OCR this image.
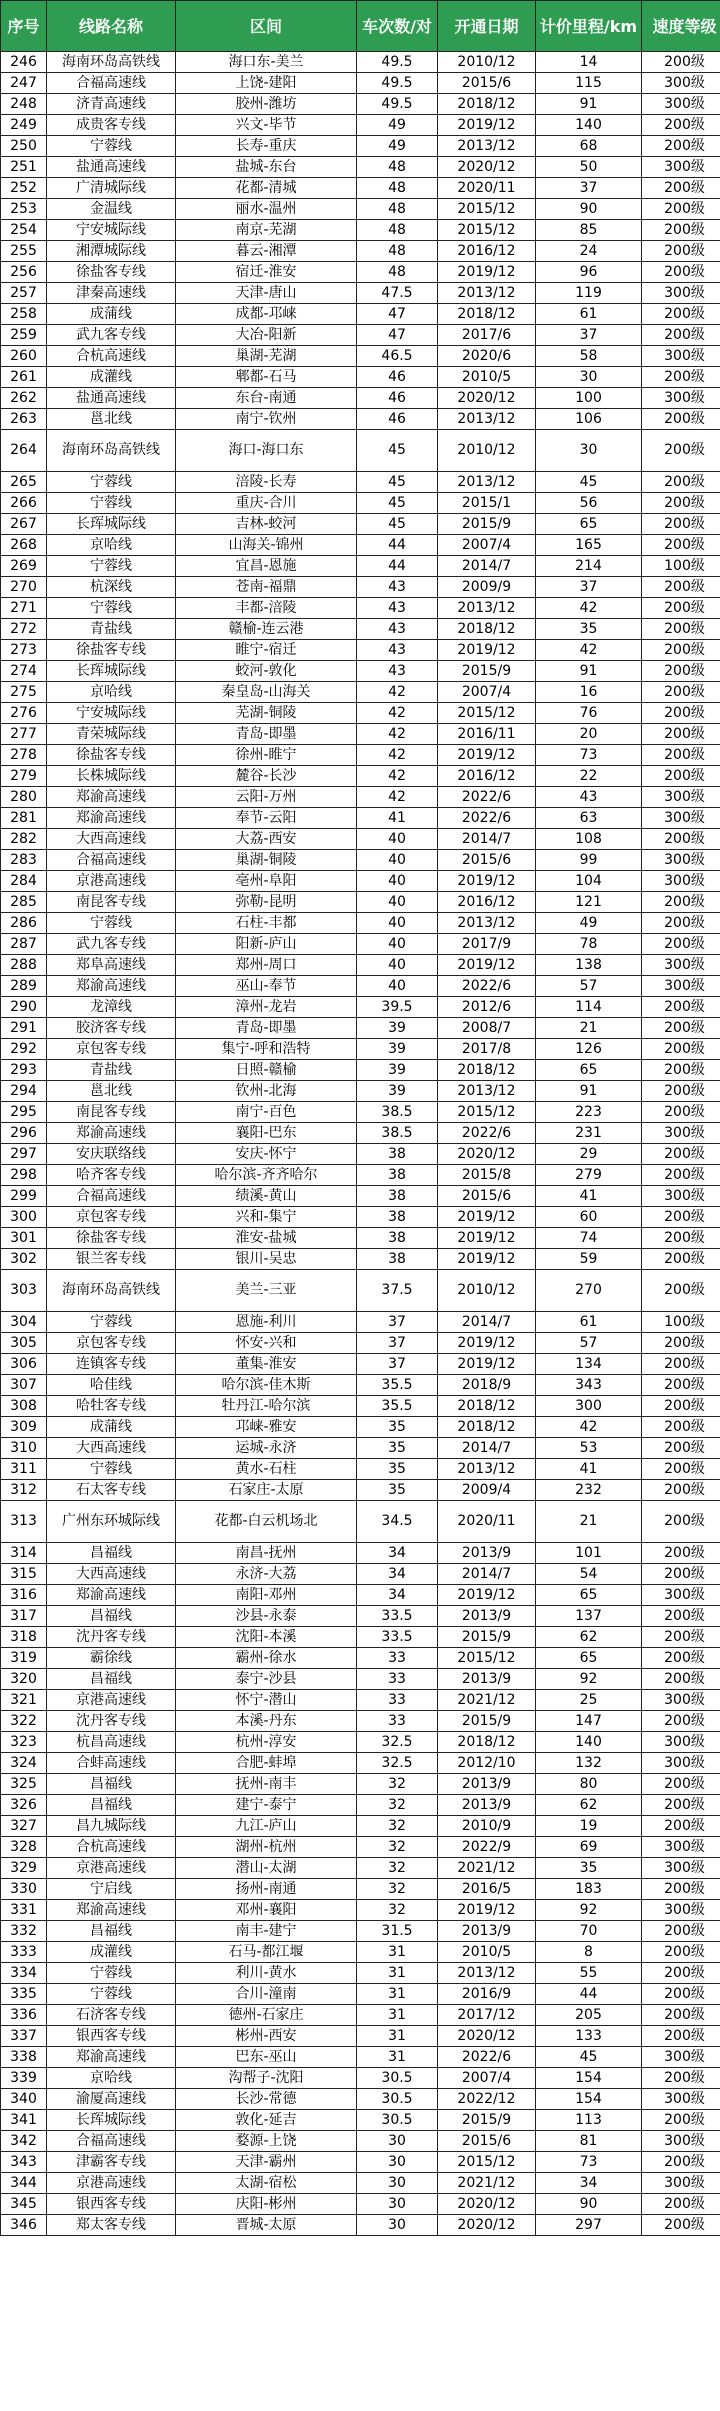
序号	线路名称	区间	车次数/对	开通日期	计价里程/km	速度等级
246	海南环岛高铁线	海口东-美兰	49.5	2010/12	14	200级
247	合福高速线	上饶-建阳	49.5	2015/6	115	300级
248	济青高速线	胶州-潍坊	49.5	2018/12	91	300级
249	成贵客专线	兴文-毕节	49	2019/12	140	200级
250	宁蓉线	长寿-重庆	49	2013/12	68	200级
251	盐通高速线	盐城-东台	48	2020/12	50	300级
252	广清城际线	花都-清城	48	2020/11	37	200级
253	金温线	丽水-温州	48	2015/12	90	200级
254	宁安城际线	南京-芜湖	48	2015/12	85	200级
255	湘潭城际线	暮云-湘潭	48	2016/12	24	200级
256	徐盐客专线	宿迁-淮安	48	2019/12	96	200级
257	津秦高速线	天津-唐山	47.5	2013/12	119	300级
258	成蒲线	成都-邛崃	47	2018/12	61	200级
259	武九客专线	大冶-阳新	47	2017/6	37	200级
260	合杭高速线	巢湖-芜湖	46.5	2020/6	58	300级
261	成灌线	郫都-石马	46	2010/5	30	200级
262	盐通高速线	东台-南通	46	2020/12	100	300级
263	邕北线	南宁-钦州	46	2013/12	106	200级
264	海南环岛高铁线	海口-海口东	45	2010/12	30	200级
265	宁蓉线	涪陵-长寿	45	2013/12	45	200级
266	宁蓉线	重庆-合川	45	2015/1	56	200级
267	长珲城际线	吉林-蛟河	45	2015/9	65	200级
268	京哈线	山海关-锦州	44	2007/4	165	200级
269	宁蓉线	宜昌-恩施	44	2014/7	214	100级
270	杭深线	苍南-福鼎	43	2009/9	37	200级
271	宁蓉线	丰都-涪陵	43	2013/12	42	200级
272	青盐线	赣榆-连云港	43	2018/12	35	200级
273	徐盐客专线	睢宁-宿迁	43	2019/12	42	200级
274	长珲城际线	蛟河-敦化	43	2015/9	91	200级
275	京哈线	秦皇岛-山海关	42	2007/4	16	200级
276	宁安城际线	芜湖-铜陵	42	2015/12	76	200级
277	青荣城际线	青岛-即墨	42	2016/11	20	200级
278	徐盐客专线	徐州-睢宁	42	2019/12	73	200级
279	长株城际线	麓谷-长沙	42	2016/12	22	200级
280	郑渝高速线	云阳-万州	42	2022/6	43	300级
281	郑渝高速线	奉节-云阳	41	2022/6	63	300级
282	大西高速线	大荔-西安	40	2014/7	108	200级
283	合福高速线	巢湖-铜陵	40	2015/6	99	300级
284	京港高速线	亳州-阜阳	40	2019/12	104	300级
285	南昆客专线	弥勒-昆明	40	2016/12	121	200级
286	宁蓉线	石柱-丰都	40	2013/12	49	200级
287	武九客专线	阳新-庐山	40	2017/9	78	200级
288	郑阜高速线	郑州-周口	40	2019/12	138	300级
289	郑渝高速线	巫山-奉节	40	2022/6	57	300级
290	龙漳线	漳州-龙岩	39.5	2012/6	114	200级
291	胶济客专线	青岛-即墨	39	2008/7	21	200级
292	京包客专线	集宁-呼和浩特	39	2017/8	126	200级
293	青盐线	日照-赣榆	39	2018/12	65	200级
294	邕北线	钦州-北海	39	2013/12	91	200级
295	南昆客专线	南宁-百色	38.5	2015/12	223	200级
296	郑渝高速线	襄阳-巴东	38.5	2022/6	231	300级
297	安庆联络线	安庆-怀宁	38	2020/12	29	200级
298	哈齐客专线	哈尔滨-齐齐哈尔	38	2015/8	279	200级
299	合福高速线	绩溪-黄山	38	2015/6	41	300级
300	京包客专线	兴和-集宁	38	2019/12	60	200级
301	徐盐客专线	淮安-盐城	38	2019/12	74	200级
302	银兰客专线	银川-吴忠	38	2019/12	59	200级
303	海南环岛高铁线	美兰-三亚	37.5	2010/12	270	200级
304	宁蓉线	恩施-利川	37	2014/7	61	100级
305	京包客专线	怀安-兴和	37	2019/12	57	200级
306	连镇客专线	董集-淮安	37	2019/12	134	200级
307	哈佳线	哈尔滨-佳木斯	35.5	2018/9	343	200级
308	哈牡客专线	牡丹江-哈尔滨	35.5	2018/12	300	200级
309	成蒲线	邛崃-雅安	35	2018/12	42	200级
310	大西高速线	运城-永济	35	2014/7	53	200级
311	宁蓉线	黄水-石柱	35	2013/12	41	200级
312	石太客专线	石家庄-太原	35	2009/4	232	200级
313	广州东环城际线	花都-白云机场北	34.5	2020/11	21	200级
314	昌福线	南昌-抚州	34	2013/9	101	200级
315	大西高速线	永济-大荔	34	2014/7	54	200级
316	郑渝高速线	南阳-邓州	34	2019/12	65	300级
317	昌福线	沙县-永泰	33.5	2013/9	137	200级
318	沈丹客专线	沈阳-本溪	33.5	2015/9	62	200级
319	霸徐线	霸州-徐水	33	2015/12	65	200级
320	昌福线	泰宁-沙县	33	2013/9	92	200级
321	京港高速线	怀宁-潜山	33	2021/12	25	300级
322	沈丹客专线	本溪-丹东	33	2015/9	147	200级
323	杭昌高速线	杭州-淳安	32.5	2018/12	140	300级
324	合蚌高速线	合肥-蚌埠	32.5	2012/10	132	300级
325	昌福线	抚州-南丰	32	2013/9	80	200级
326	昌福线	建宁-泰宁	32	2013/9	62	200级
327	昌九城际线	九江-庐山	32	2010/9	19	200级
328	合杭高速线	湖州-杭州	32	2022/9	69	300级
329	京港高速线	潜山-太湖	32	2021/12	35	300级
330	宁启线	扬州-南通	32	2016/5	183	200级
331	郑渝高速线	邓州-襄阳	32	2019/12	92	300级
332	昌福线	南丰-建宁	31.5	2013/9	70	200级
333	成灌线	石马-都江堰	31	2010/5	8	200级
334	宁蓉线	利川-黄水	31	2013/12	55	200级
335	宁蓉线	合川-潼南	31	2016/9	44	200级
336	石济客专线	德州-石家庄	31	2017/12	205	200级
337	银西客专线	彬州-西安	31	2020/12	133	200级
338	郑渝高速线	巴东-巫山	31	2022/6	45	300级
339	京哈线	沟帮子-沈阳	30.5	2007/4	154	200级
340	渝厦高速线	长沙-常德	30.5	2022/12	154	300级
341	长珲城际线	敦化-延吉	30.5	2015/9	113	200级
342	合福高速线	婺源-上饶	30	2015/6	81	300级
343	津霸客专线	天津-霸州	30	2015/12	73	200级
344	京港高速线	太湖-宿松	30	2021/12	34	300级
345	银西客专线	庆阳-彬州	30	2020/12	90	200级
346	郑太客专线	晋城-太原	30	2020/12	297	200级
